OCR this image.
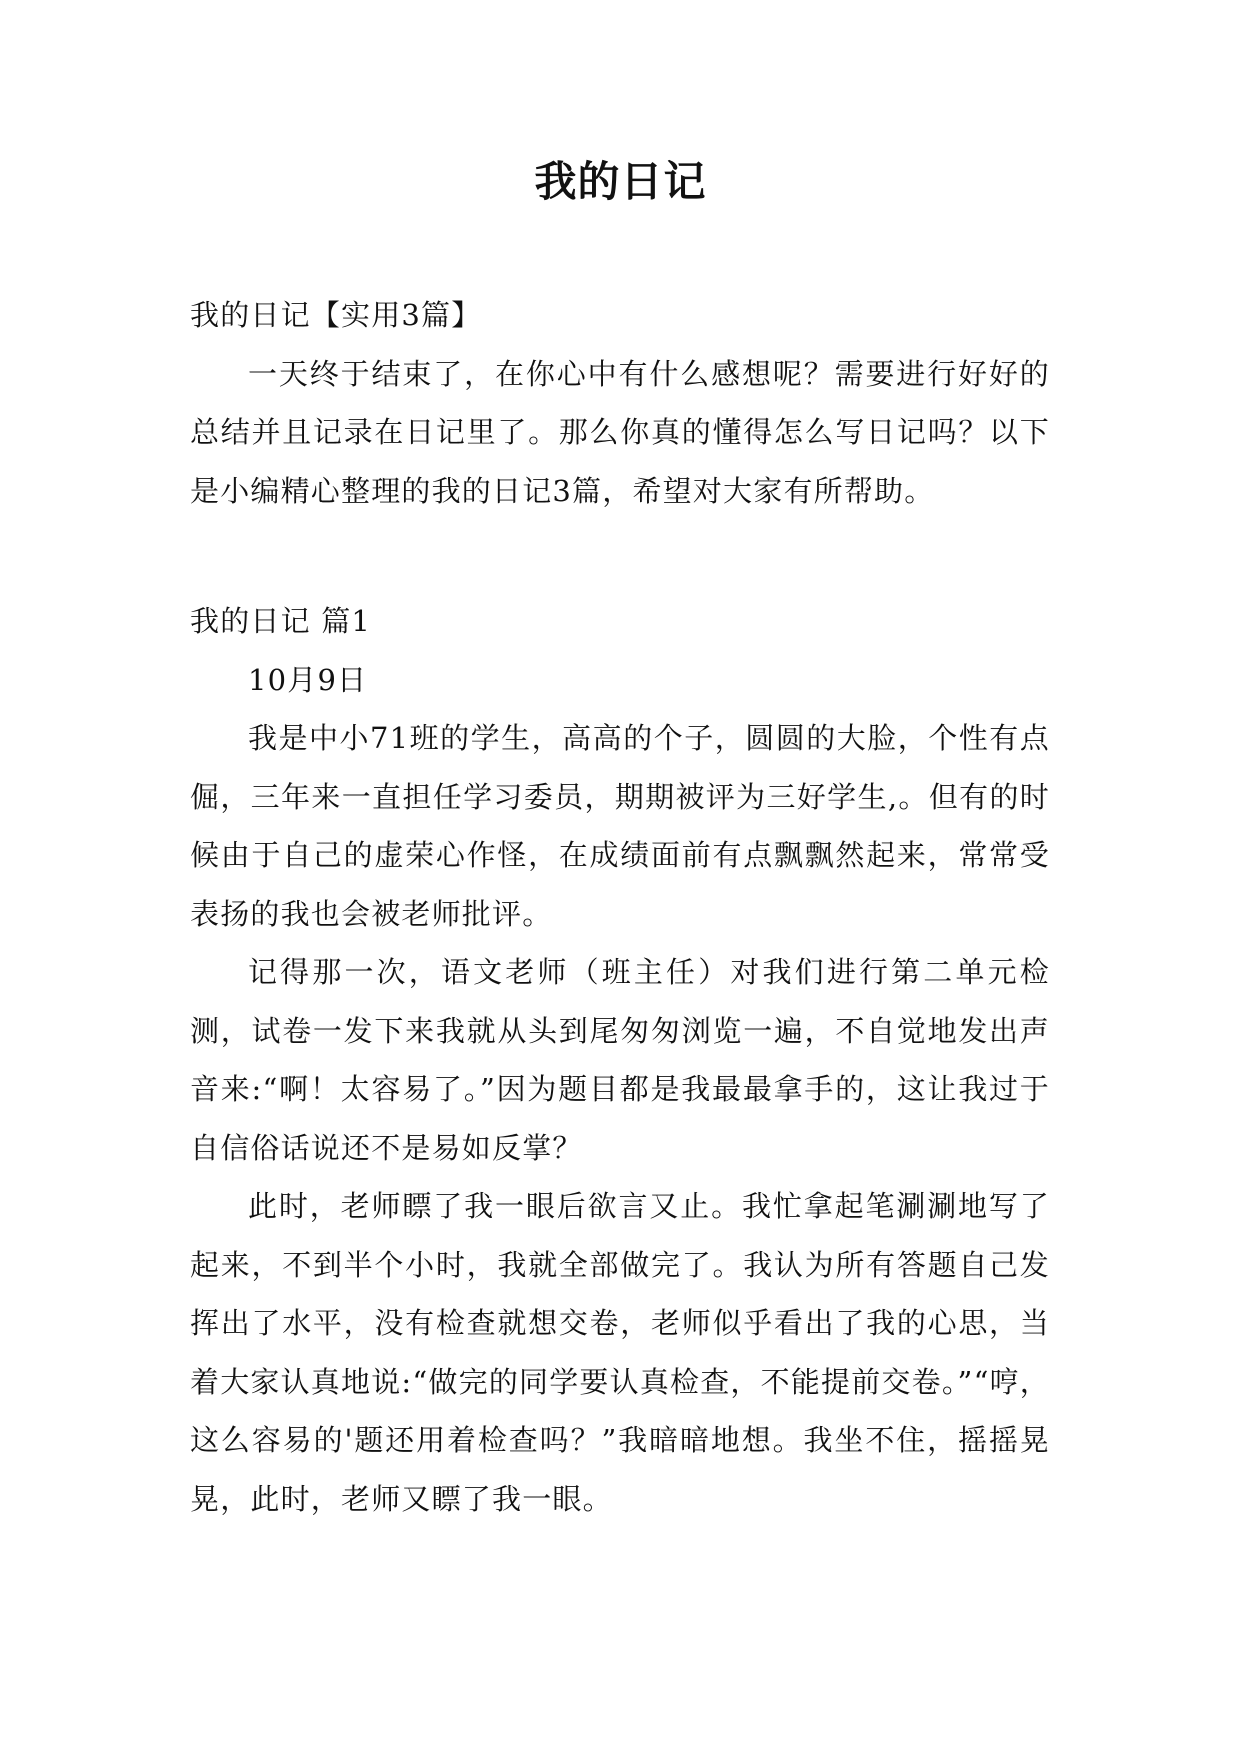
我的日记

我的日记【实用3篇】

一天终于结束了，在你心中有什么感想呢？需要进行好好的总结并且记录在日记里了。那么你真的懂得怎么写日记吗？以下是小编精心整理的我的日记3篇，希望对大家有所帮助。

我的日记 篇1

10月9日

我是中小71班的学生，高高的个子，圆圆的大脸，个性有点倔，三年来一直担任学习委员，期期被评为三好学生,。但有的时候由于自己的虚荣心作怪，在成绩面前有点飘飘然起来，常常受表扬的我也会被老师批评。

记得那一次，语文老师（班主任）对我们进行第二单元检测，试卷一发下来我就从头到尾匆匆浏览一遍，不自觉地发出声音来:“啊！太容易了。”因为题目都是我最最拿手的，这让我过于自信俗话说还不是易如反掌？

此时，老师瞟了我一眼后欲言又止。我忙拿起笔涮涮地写了起来，不到半个小时，我就全部做完了。我认为所有答题自己发挥出了水平，没有检查就想交卷，老师似乎看出了我的心思，当着大家认真地说:“做完的同学要认真检查，不能提前交卷。”“哼，这么容易的'题还用着检查吗？”我暗暗地想。我坐不住，摇摇晃晃，此时，老师又瞟了我一眼。
